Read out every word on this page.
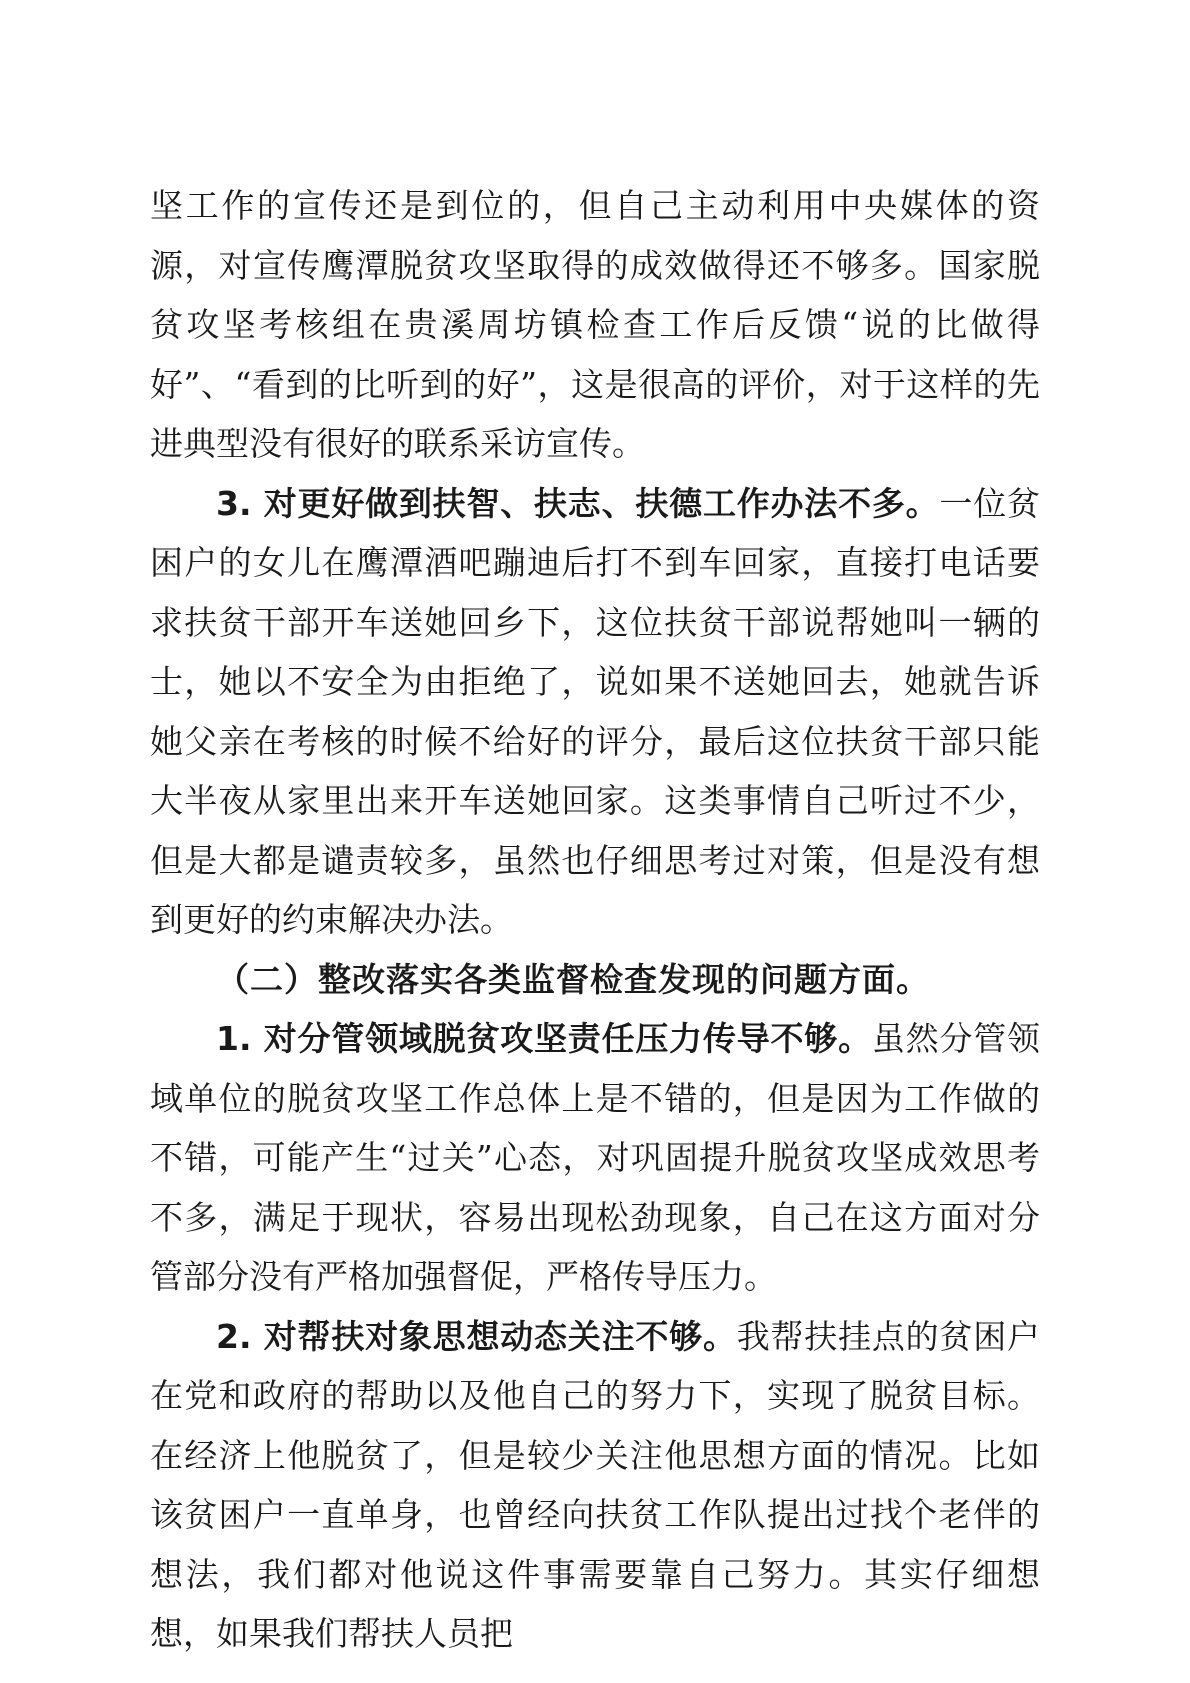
坚工作的宣传还是到位的，但自己主动利用中央媒体的资源，对宣传鹰潭脱贫攻坚取得的成效做得还不够多。国家脱贫攻坚考核组在贵溪周坊镇检查工作后反馈“说的比做得好”、“看到的比听到的好”，这是很高的评价，对于这样的先进典型没有很好的联系采访宣传。

3. 对更好做到扶智、扶志、扶德工作办法不多。一位贫困户的女儿在鹰潭酒吧蹦迪后打不到车回家，直接打电话要求扶贫干部开车送她回乡下，这位扶贫干部说帮她叫一辆的士，她以不安全为由拒绝了，说如果不送她回去，她就告诉她父亲在考核的时候不给好的评分，最后这位扶贫干部只能大半夜从家里出来开车送她回家。这类事情自己听过不少，但是大都是谴责较多，虽然也仔细思考过对策，但是没有想到更好的约束解决办法。

（二）整改落实各类监督检查发现的问题方面。

1. 对分管领域脱贫攻坚责任压力传导不够。虽然分管领域单位的脱贫攻坚工作总体上是不错的，但是因为工作做的不错，可能产生“过关”心态，对巩固提升脱贫攻坚成效思考不多，满足于现状，容易出现松劲现象，自己在这方面对分管部分没有严格加强督促，严格传导压力。

2. 对帮扶对象思想动态关注不够。我帮扶挂点的贫困户在党和政府的帮助以及他自己的努力下，实现了脱贫目标。在经济上他脱贫了，但是较少关注他思想方面的情况。比如该贫困户一直单身，也曾经向扶贫工作队提出过找个老伴的想法，我们都对他说这件事需要靠自己努力。其实仔细想想，如果我们帮扶人员把
